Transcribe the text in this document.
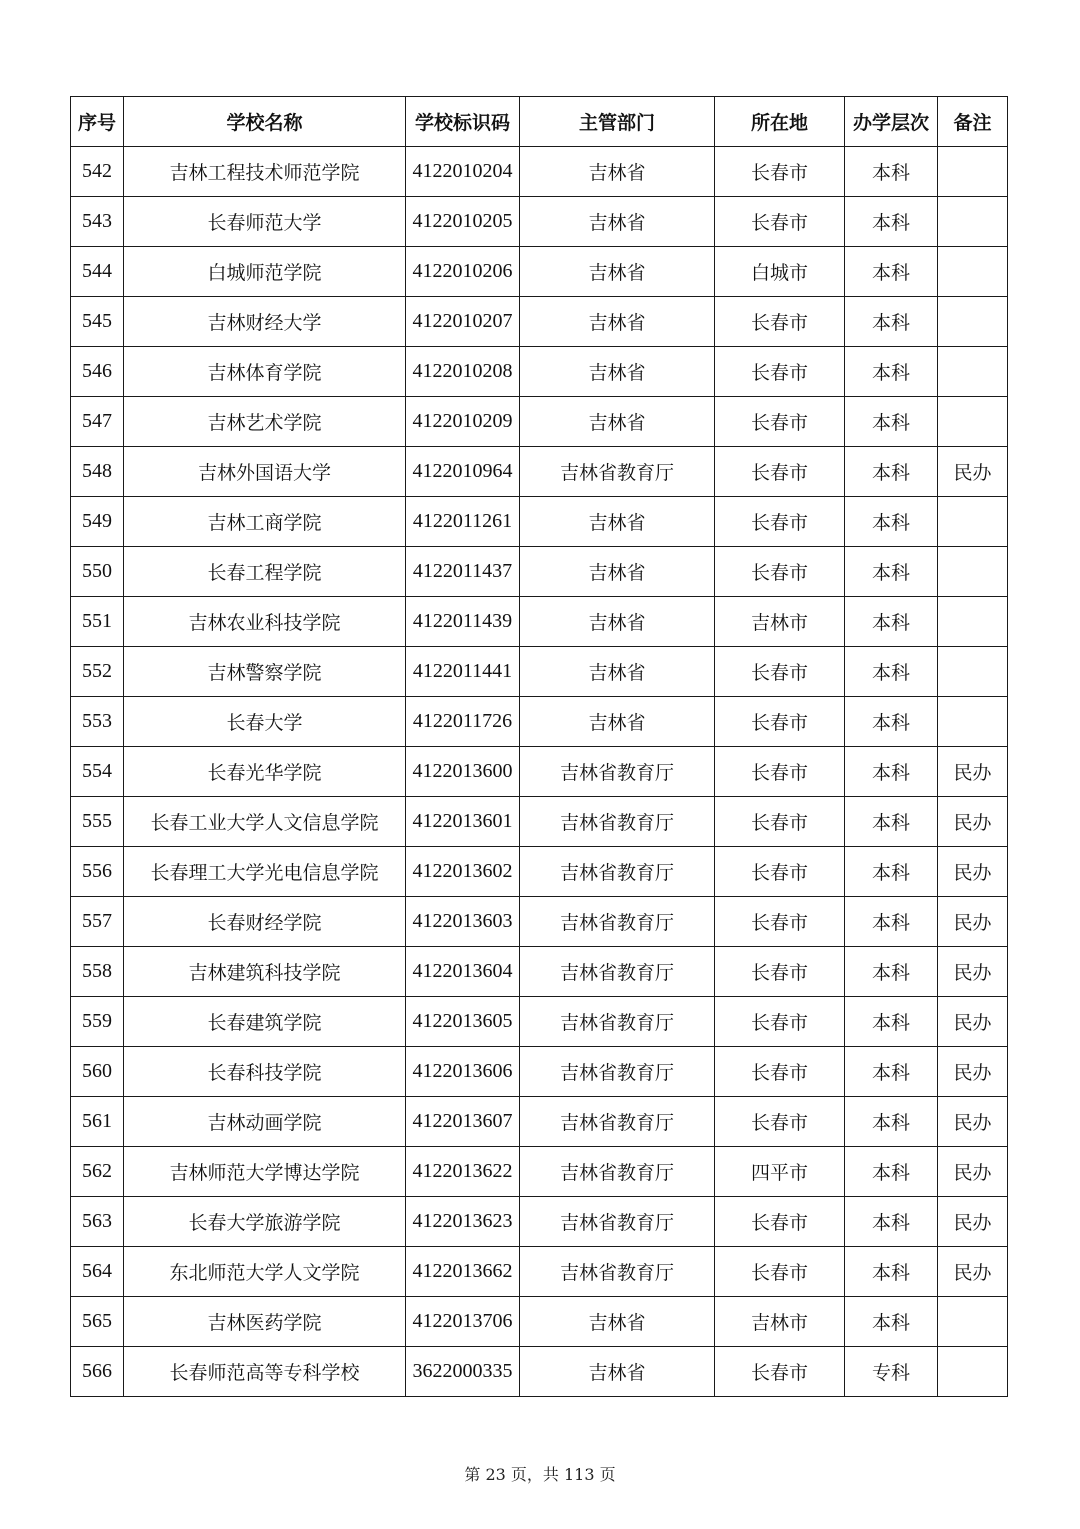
序号	学校名称	学校标识码	主管部门	所在地	办学层次	备注
542	吉林工程技术师范学院	4122010204	吉林省	长春市	本科	
543	长春师范大学	4122010205	吉林省	长春市	本科	
544	白城师范学院	4122010206	吉林省	白城市	本科	
545	吉林财经大学	4122010207	吉林省	长春市	本科	
546	吉林体育学院	4122010208	吉林省	长春市	本科	
547	吉林艺术学院	4122010209	吉林省	长春市	本科	
548	吉林外国语大学	4122010964	吉林省教育厅	长春市	本科	民办
549	吉林工商学院	4122011261	吉林省	长春市	本科	
550	长春工程学院	4122011437	吉林省	长春市	本科	
551	吉林农业科技学院	4122011439	吉林省	吉林市	本科	
552	吉林警察学院	4122011441	吉林省	长春市	本科	
553	长春大学	4122011726	吉林省	长春市	本科	
554	长春光华学院	4122013600	吉林省教育厅	长春市	本科	民办
555	长春工业大学人文信息学院	4122013601	吉林省教育厅	长春市	本科	民办
556	长春理工大学光电信息学院	4122013602	吉林省教育厅	长春市	本科	民办
557	长春财经学院	4122013603	吉林省教育厅	长春市	本科	民办
558	吉林建筑科技学院	4122013604	吉林省教育厅	长春市	本科	民办
559	长春建筑学院	4122013605	吉林省教育厅	长春市	本科	民办
560	长春科技学院	4122013606	吉林省教育厅	长春市	本科	民办
561	吉林动画学院	4122013607	吉林省教育厅	长春市	本科	民办
562	吉林师范大学博达学院	4122013622	吉林省教育厅	四平市	本科	民办
563	长春大学旅游学院	4122013623	吉林省教育厅	长春市	本科	民办
564	东北师范大学人文学院	4122013662	吉林省教育厅	长春市	本科	民办
565	吉林医药学院	4122013706	吉林省	吉林市	本科	
566	长春师范高等专科学校	3622000335	吉林省	长春市	专科	
第 23 页，共 113 页
